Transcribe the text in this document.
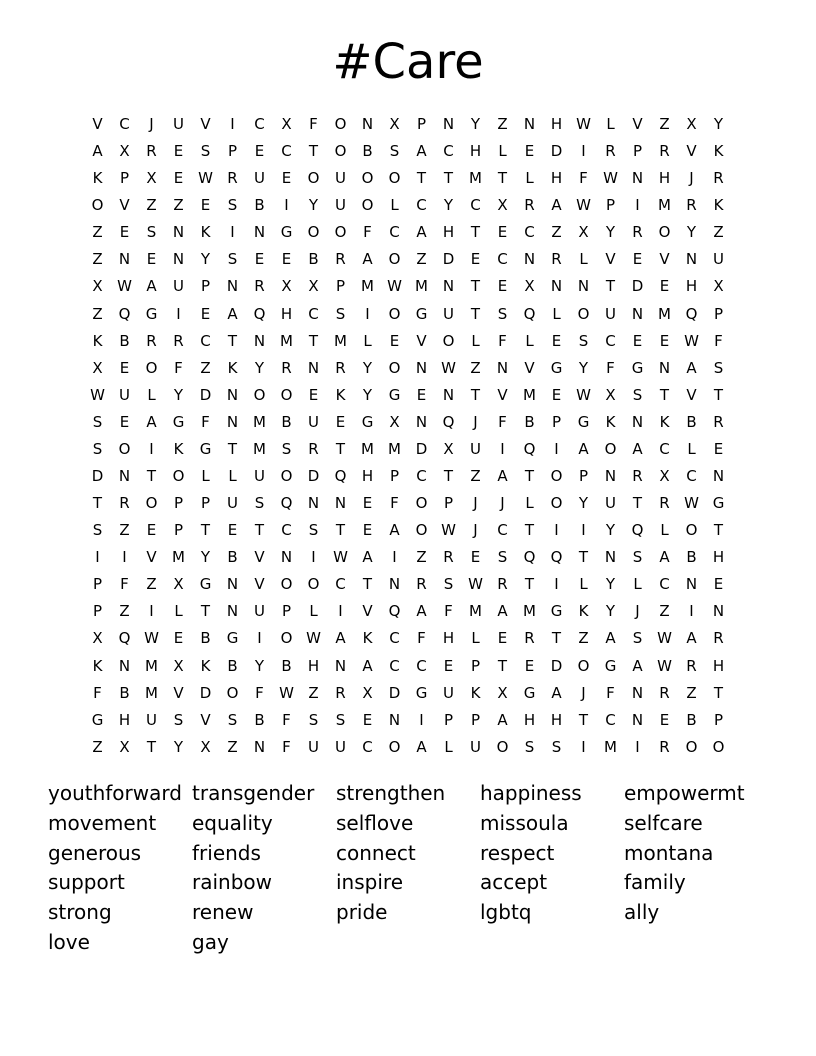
#Care
V	C	J	U	V	I	C	X	F	O	N	X	P	N	Y	Z	N	H W	L	V	Z	X	Y
A	X	R	E	S	P	E	C	T	O	B	S	A	C	H	L	E	D	I	R	P	R	V	K
K	P	X	E W R	U	E	O	U	O	O	T	T	M	T	L	H	F	W N	H	J	R
O	V	Z	Z	E	S	B	I	Y	U	O	L	C	Y	C	X	R	A W	P	I	M	R	K
Z	E	S	N	K	I	N	G	O	O	F	C	A	H	T	E	C	Z	X	Y	R	O	Y	Z
Z	N	E	N	Y	S	E	E	B	R	A	O	Z	D	E	C	N	R	L	V	E	V	N	U
X W A	U	P	N	R	X	X	P	M W M N	T	E	X	N	N	T	D	E	H	X
Z	Q	G	I	E	A	Q	H	C	S	I	O	G	U	T	S	Q	L	O	U	N M Q	P
K	B	R	R	C	T	N M	T	M	L	E	V	O	L	F	L	E	S	C	E	E W	F
X	E	O	F	Z	K	Y	R	N	R	Y	O	N W Z	N	V	G	Y	F	G	N	A	S
W U	L	Y	D	N	O	O	E	K	Y	G	E	N	T	V	M	E W X	S	T	V	T
S	E	A	G	F	N M	B	U	E	G	X	N	Q	J	F	B	P	G	K	N	K	B	R
S	O	I	K	G	T	M	S	R	T	M M D	X	U	I	Q	I	A	O	A	C	L	E
D	N	T	O	L	L	U	O	D	Q	H	P	C	T	Z	A	T	O	P	N	R	X	C	N
T	R	O	P	P	U	S	Q	N	N	E	F	O	P	J	J	L	O	Y	U	T	R W G
S	Z	E	P	T	E	T	C	S	T	E	A	O W	J	C	T	I	I	Y	Q	L	O	T
I	I	V	M	Y	B	V	N	I	W A	I	Z	R	E	S	Q	Q	T	N	S	A	B	H
P	F	Z	X	G	N	V	O	O	C	T	N	R	S W R	T	I	L	Y	L	C	N	E
P	Z	I	L	T	N	U	P	L	I	V	Q	A	F	M	A	M G	K	Y	J	Z	I	N
X	Q W E	B	G	I	O W A	K	C	F	H	L	E	R	T	Z	A	S W A	R
K	N M	X	K	B	Y	B	H	N	A	C	C	E	P	T	E	D	O	G	A W R	H
F	B	M	V	D	O	F	W Z	R	X	D	G	U	K	X	G	A	J	F	N	R	Z	T
G	H	U	S	V	S	B	F	S	S	E	N	I	P	P	A	H	H	T	C	N	E	B	P
Z	X	T	Y	X	Z	N	F	U	U	C	O	A	L	U	O	S	S	I	M	I	R	O	O
youthforward transgender	strengthen	happiness	empowermt
movement	equality	selflove	missoula	selfcare
generous	friends	connect	respect	montana
support	rainbow	inspire	accept	family
strong	renew	pride	lgbtq	ally
love	gay
